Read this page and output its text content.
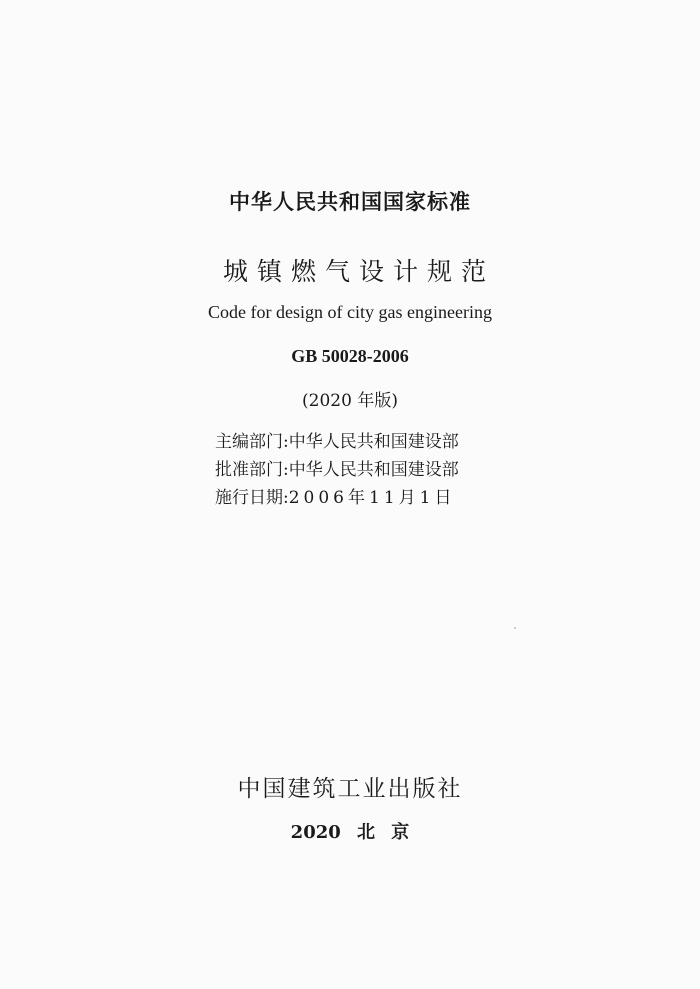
中华人民共和国国家标准
城镇燃气设计规范
Code for design of city gas engineering
GB 50028-2006
(2020 年版)
主编部门:中华人民共和国建设部
批准部门:中华人民共和国建设部
施行日期:2006年11月1日
中国建筑工业出版社
2020 北 京
